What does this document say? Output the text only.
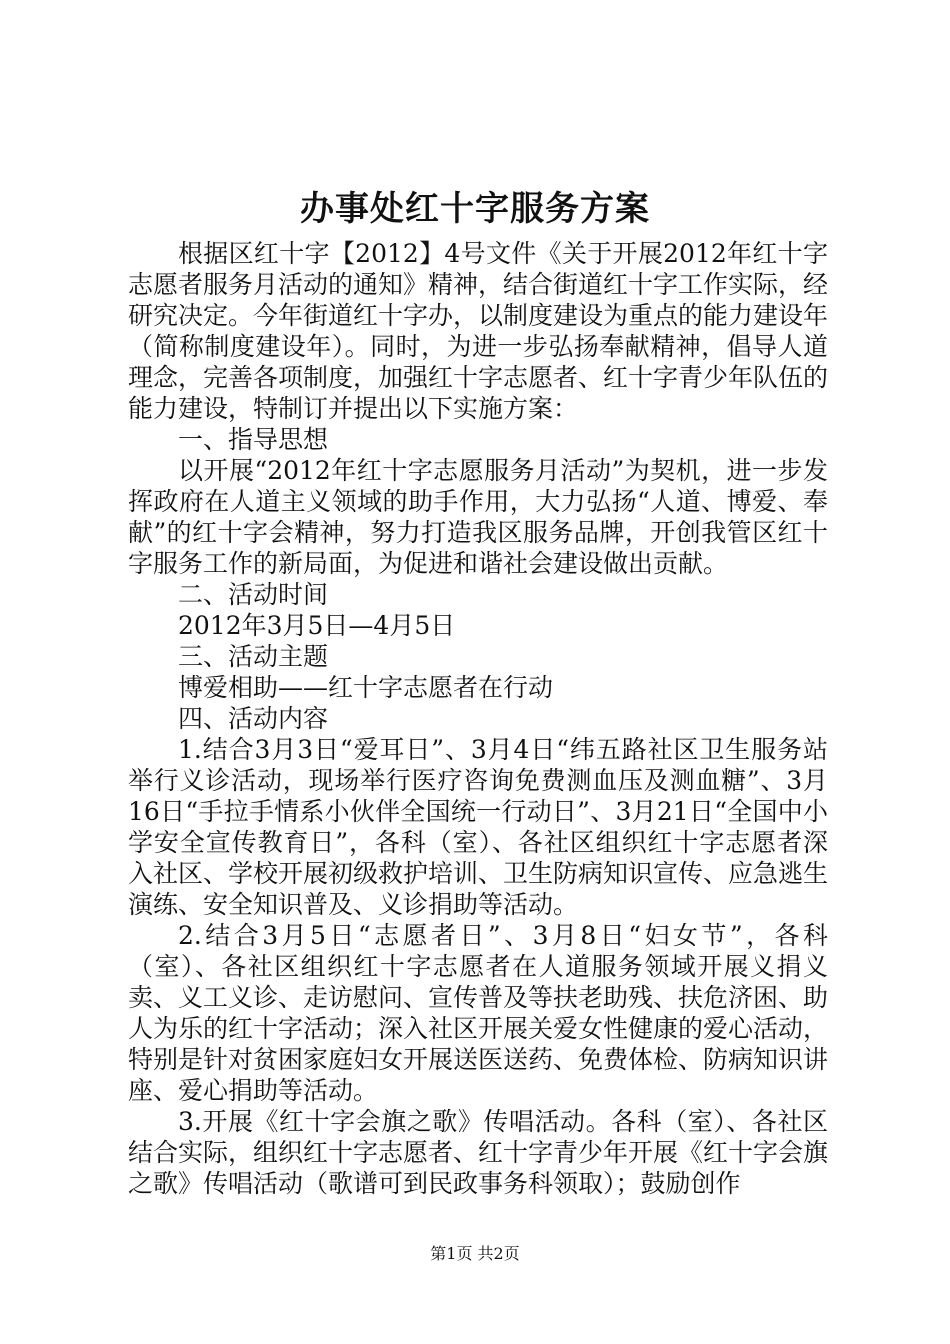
办事处红十字服务方案

根据区红十字【2012】4号文件《关于开展2012年红十字志愿者服务月活动的通知》精神，结合街道红十字工作实际，经研究决定。今年街道红十字办，以制度建设为重点的能力建设年（简称制度建设年）。同时，为进一步弘扬奉献精神，倡导人道理念，完善各项制度，加强红十字志愿者、红十字青少年队伍的能力建设，特制订并提出以下实施方案：

一、指导思想

以开展“2012年红十字志愿服务月活动”为契机，进一步发挥政府在人道主义领域的助手作用，大力弘扬“人道、博爱、奉献”的红十字会精神，努力打造我区服务品牌，开创我管区红十字服务工作的新局面，为促进和谐社会建设做出贡献。

二、活动时间

2012年3月5日—4月5日

三、活动主题

博爱相助——红十字志愿者在行动

四、活动内容

1.结合3月3日“爱耳日”、3月4日“纬五路社区卫生服务站举行义诊活动，现场举行医疗咨询免费测血压及测血糖”、3月16日“手拉手情系小伙伴全国统一行动日”、3月21日“全国中小学安全宣传教育日”，各科（室）、各社区组织红十字志愿者深入社区、学校开展初级救护培训、卫生防病知识宣传、应急逃生演练、安全知识普及、义诊捐助等活动。

2.结合3月5日“志愿者日”、3月8日“妇女节”，各科（室）、各社区组织红十字志愿者在人道服务领域开展义捐义卖、义工义诊、走访慰问、宣传普及等扶老助残、扶危济困、助人为乐的红十字活动；深入社区开展关爱女性健康的爱心活动，特别是针对贫困家庭妇女开展送医送药、免费体检、防病知识讲座、爱心捐助等活动。

3.开展《红十字会旗之歌》传唱活动。各科（室）、各社区结合实际，组织红十字志愿者、红十字青少年开展《红十字会旗之歌》传唱活动（歌谱可到民政事务科领取）；鼓励创作

第1页 共2页
